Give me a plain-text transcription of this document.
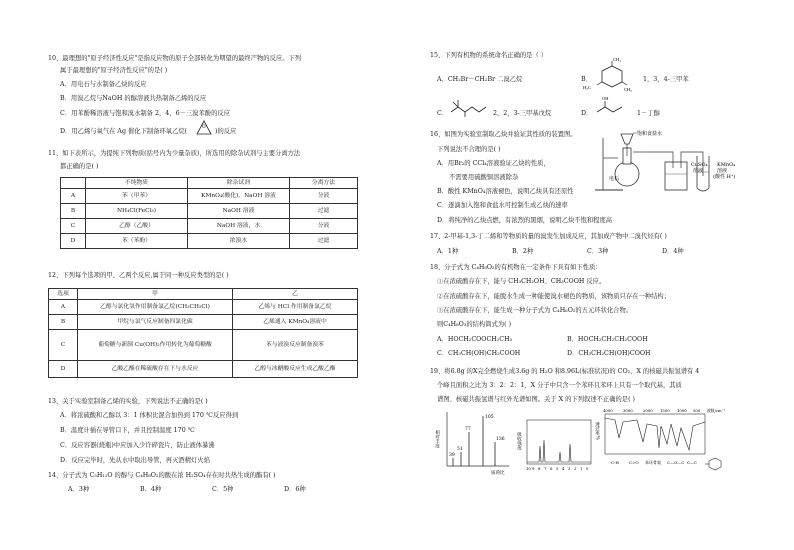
10、最理想的"原子经济性反应"是指反应物的原子全部转化为期望的最终产物的反应。下列
属于最理想的"原子经济性反应"的是( )
A．用电石与水制备乙炔的反应
B．用溴乙烷与NaOH 的醇溶液共热制备乙烯的反应
C．用苯酚稀溶液与饱和溴水制备 2，4，6－三溴苯酚的反应
D．用乙烯与氧气在 Ag 催化下制备环氧乙烷(
O
)的反应
11、如下表所示，为提纯下列物质(括号内为少量杂质)，所选用的除杂试剂与主要分离方法
都正确的是( )
	不纯物质	除杂试剂	分离方法
A	苯（甲苯）	KMnO₄(酸化)，NaOH 溶液	分液
B	NH₄Cl(FeCl₃)	NaOH 溶液	过滤
C	乙醇（乙酸）	NaOH 溶液，水	分液
D	苯（苯酚）	浓溴水	过滤
12、下列每个选项的甲、乙两个反应,属于同一种反应类型的是( )
选项	甲	乙
A	乙醇与氯化氢作用制备氯乙烷(CH₃CH₂Cl)	乙烯与 HCl 作用制备氯乙烷
B	甲烷与氯气反应制备四氯化碳	乙烯通入 KMnO₄溶液中
C	葡萄糖与新制 Cu(OH)₂作用转化为葡萄糖酸	苯与液溴反应制备溴苯
D	乙酸乙酯在稀硫酸存在下与水反应	乙醇与冰醋酸反应生成乙酸乙酯
13、关于实验室制备乙烯的实验，下列说法不正确的是( )
A．将浓硫酸和乙醇以 3：1 体积比混合加热到 170 ℃反应得到
B．温度计插在导管口下，并且控制温度 170 ℃
C．反应容器(烧瓶)中应加入少许碎瓷片，防止液体暴沸
D．反应完毕时，先从水中取出导管，再灭酒精灯火焰
14、分子式为 C₅H₁₂O 的醇与 C₄H₈O₂的酸在浓 H₂SO₄存在时共热生成的酯有( )
A．3种	B．4种	C．5种	D．6种
15、下列有机物的系统命名正确的是（ ）
A．CH₂Br－CH₂Br 二溴乙烷	B．
CH₃
H₃C	CH₃
1，3，4-三甲苯
C．	2，2，3-三甲基戊烷	D．
OH
1－丁醇
16、如图为实验室制取乙炔并验证其性质的装置图。
下列说法不合理的是( )
A．用Br₂的 CCl₄溶液验证乙炔的性质，
不需要用硫酸铜溶液除杂
B．酸性 KMnO₄溶液褪色，说明乙炔具有还原性
C．逐滴加入饱和食盐水可控制生成乙炔的速率
D．将纯净的乙炔点燃，有浓烈的黑烟，说明乙炔不饱和程度高
饱和食盐水
电石
CuSO₄
溶液
KMnO₄
溶液
(酸性 H⁺)
17、2-甲基-1,3-丁二烯和等物质的量的溴发生加成反应，其加成产物中二溴代烃有( )
A．1种	B．2种	C．3种	D．4种
18、分子式为 C₄H₈O₃的有机物在一定条件下具有如下性质：
①在浓硫酸存在下，能与 CH₃CH₂OH、CH₃COOH 反应。
②在浓硫酸存在下，能脱水生成一种能使溴水褪色的物质，该物质只存在一种结构；
③在浓硫酸存在下，能生成一种分子式为 C₄H₆O₂的五元环状化合物。
则C₄H₈O₃的结构简式为( )
A．HOCH₂COOCH₂CH₃	B．HOCH₂CH₂CH₂COOH
C．CH₃CH(OH)CH₂COOH	D．CH₃CH₂CH(OH)COOH
19、将6.8g 的X完全燃烧生成3.6g 的 H₂O 和8.96L(标准状况)的 CO₂，X 的核磁共振氢谱有 4
个峰且面积之比为 3：2：2：1，X 分子中只含一个苯环且苯环上只有一个取代基，其质
谱图、核磁共振氢谱与红外光谱如图。关于 X 的下列叙述不正确的是( )
相对丰度
105
77
136
51
39
质荷比
吸收强度
10 9 8 7 6 5 4 3 2 1 0
透过率%
4000	3000	2000 1500 1000 500 波数/cm⁻¹
C-H	C=O 苯环骨架 C—O—C C—C
